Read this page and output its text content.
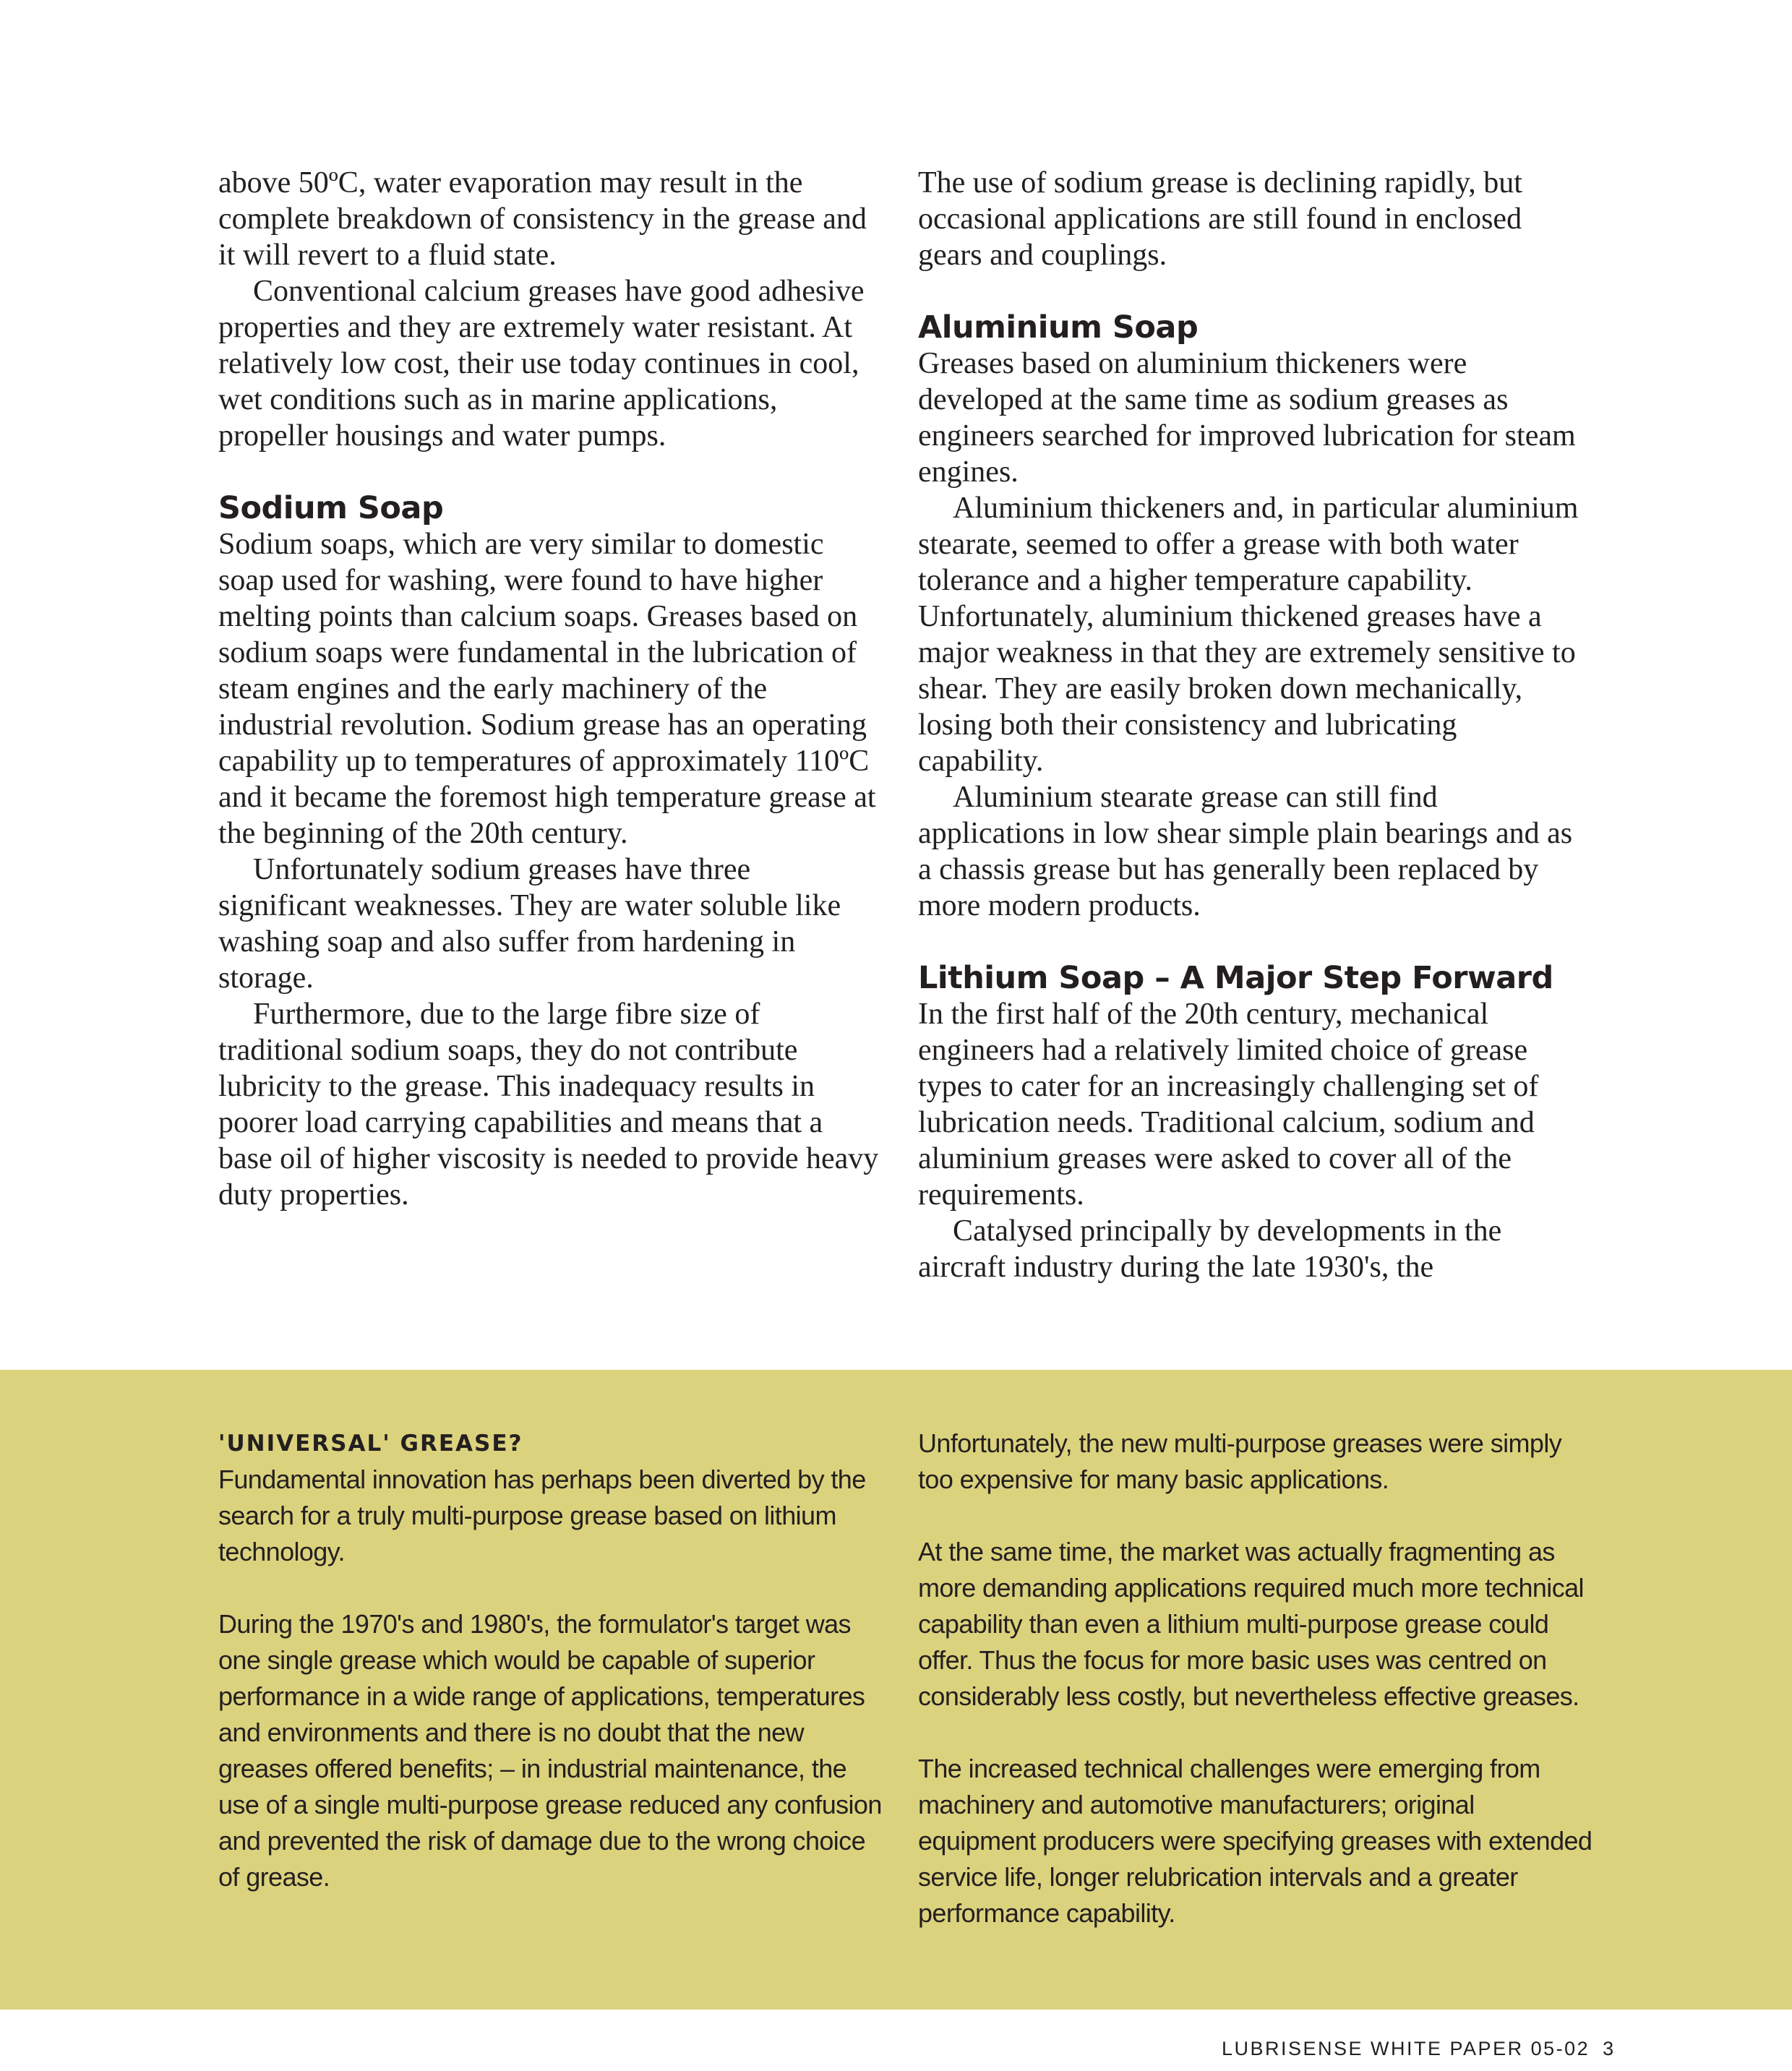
above 50ºC, water evaporation may result in the complete breakdown of consistency in the grease and it will revert to a fluid state.

Conventional calcium greases have good adhesive properties and they are extremely water resistant. At relatively low cost, their use today continues in cool, wet conditions such as in marine applications, propeller housings and water pumps.

Sodium Soap

Sodium soaps, which are very similar to domestic soap used for washing, were found to have higher melting points than calcium soaps. Greases based on sodium soaps were fundamental in the lubrication of steam engines and the early machinery of the industrial revolution. Sodium grease has an operating capability up to temperatures of approximately 110ºC and it became the foremost high temperature grease at the beginning of the 20th century.

Unfortunately sodium greases have three significant weaknesses. They are water soluble like washing soap and also suffer from hardening in storage.

Furthermore, due to the large fibre size of traditional sodium soaps, they do not contribute lubricity to the grease. This inadequacy results in poorer load carrying capabilities and means that a base oil of higher viscosity is needed to provide heavy duty properties.

The use of sodium grease is declining rapidly, but occasional applications are still found in enclosed gears and couplings.

Aluminium Soap

Greases based on aluminium thickeners were developed at the same time as sodium greases as engineers searched for improved lubrication for steam engines.

Aluminium thickeners and, in particular aluminium stearate, seemed to offer a grease with both water tolerance and a higher temperature capability. Unfortunately, aluminium thickened greases have a major weakness in that they are extremely sensitive to shear. They are easily broken down mechanically, losing both their consistency and lubricating capability.

Aluminium stearate grease can still find applications in low shear simple plain bearings and as a chassis grease but has generally been replaced by more modern products.

Lithium Soap – A Major Step Forward

In the first half of the 20th century, mechanical engineers had a relatively limited choice of grease types to cater for an increasingly challenging set of lubrication needs. Traditional calcium, sodium and aluminium greases were asked to cover all of the requirements.

Catalysed principally by developments in the aircraft industry during the late 1930's, the

'UNIVERSAL' GREASE?

Fundamental innovation has perhaps been diverted by the search for a truly multi-purpose grease based on lithium technology.

During the 1970's and 1980's, the formulator's target was one single grease which would be capable of superior performance in a wide range of applications, temperatures and environments and there is no doubt that the new greases offered benefits; – in industrial maintenance, the use of a single multi-purpose grease reduced any confusion and prevented the risk of damage due to the wrong choice of grease.

Unfortunately, the new multi-purpose greases were simply too expensive for many basic applications.

At the same time, the market was actually fragmenting as more demanding applications required much more technical capability than even a lithium multi-purpose grease could offer. Thus the focus for more basic uses was centred on considerably less costly, but nevertheless effective greases.

The increased technical challenges were emerging from machinery and automotive manufacturers; original equipment producers were specifying greases with extended service life, longer relubrication intervals and a greater performance capability.

LUBRISENSE WHITE PAPER 05-02 3
